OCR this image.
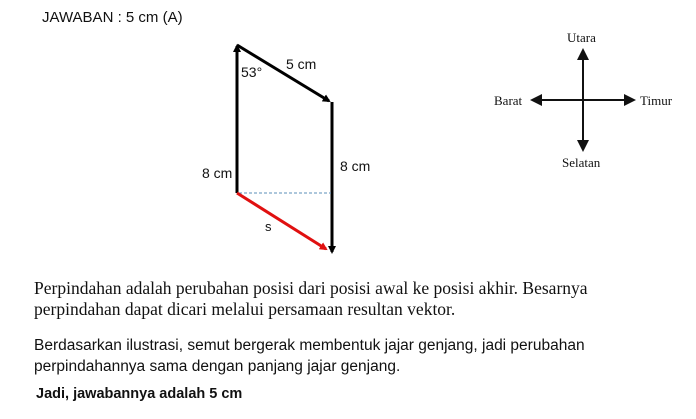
JAWABAN : 5 cm (A)
53° 5 cm
8 cm	8 cm
s
Utara
Selatan
Barat	Timur
Perpindahan adalah perubahan posisi dari posisi awal ke posisi akhir. Besarnya perpindahan dapat dicari melalui persamaan resultan vektor.
Berdasarkan ilustrasi, semut bergerak membentuk jajar genjang, jadi perubahan perpindahannya sama dengan panjang jajar genjang.
Jadi, jawabannya adalah 5 cm
